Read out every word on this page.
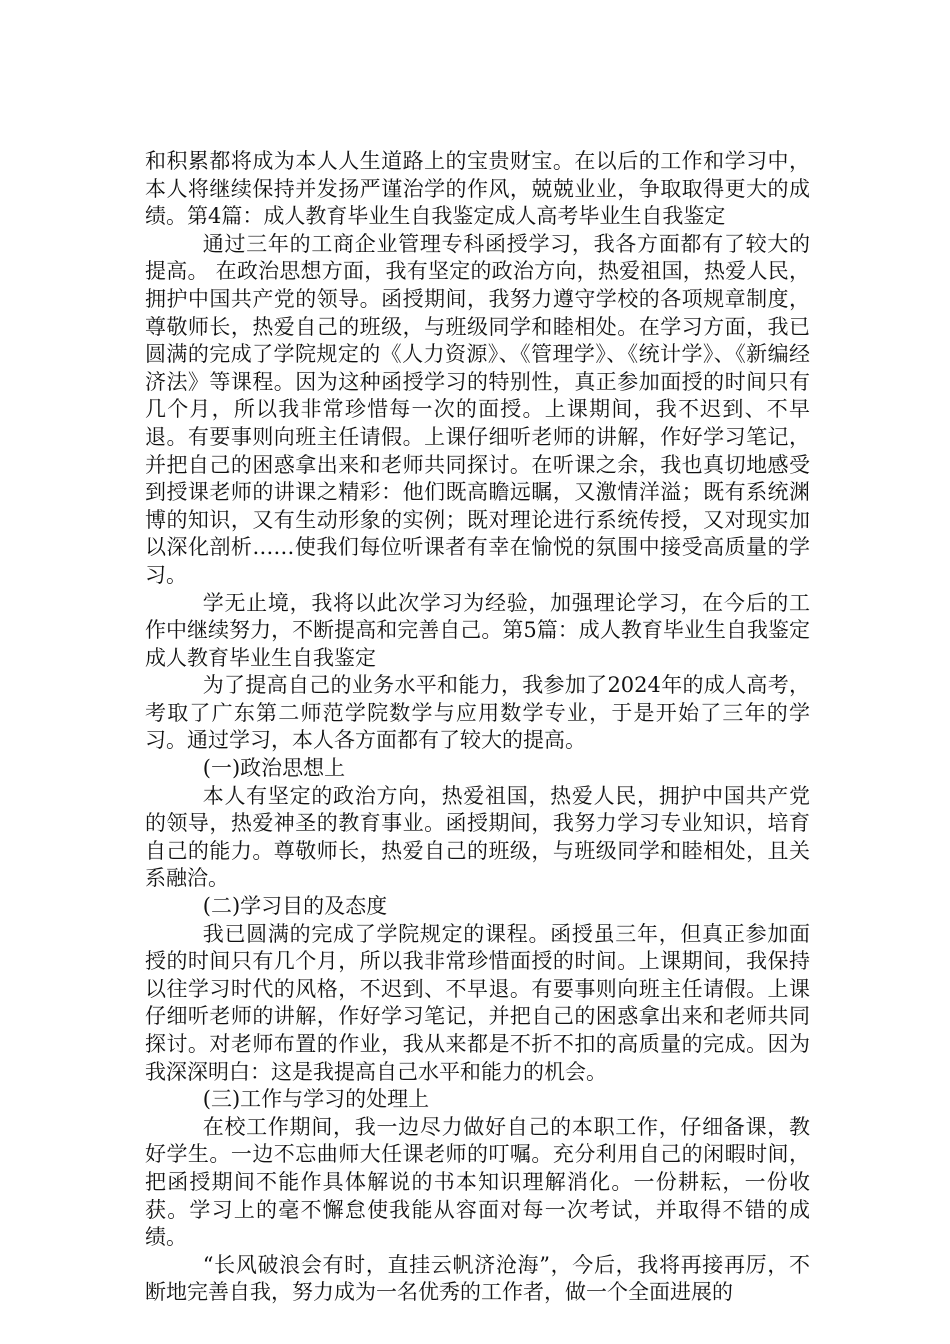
和积累都将成为本人人生道路上的宝贵财宝。在以后的工作和学习中，本人将继续保持并发扬严谨治学的作风，兢兢业业，争取取得更大的成绩。第4篇：成人教育毕业生自我鉴定成人高考毕业生自我鉴定

通过三年的工商企业管理专科函授学习，我各方面都有了较大的提高。 在政治思想方面，我有坚定的政治方向，热爱祖国，热爱人民，拥护中国共产党的领导。函授期间，我努力遵守学校的各项规章制度，尊敬师长，热爱自己的班级，与班级同学和睦相处。在学习方面，我已圆满的完成了学院规定的《人力资源》、《管理学》、《统计学》、《新编经济法》等课程。因为这种函授学习的特别性，真正参加面授的时间只有几个月，所以我非常珍惜每一次的面授。上课期间，我不迟到、不早退。有要事则向班主任请假。上课仔细听老师的讲解，作好学习笔记，并把自己的困惑拿出来和老师共同探讨。在听课之余，我也真切地感受到授课老师的讲课之精彩：他们既高瞻远瞩，又激情洋溢；既有系统渊博的知识，又有生动形象的实例；既对理论进行系统传授，又对现实加以深化剖析……使我们每位听课者有幸在愉悦的氛围中接受高质量的学习。

学无止境，我将以此次学习为经验，加强理论学习，在今后的工作中继续努力，不断提高和完善自己。第5篇：成人教育毕业生自我鉴定成人教育毕业生自我鉴定

为了提高自己的业务水平和能力，我参加了2024年的成人高考，考取了广东第二师范学院数学与应用数学专业，于是开始了三年的学习。通过学习，本人各方面都有了较大的提高。

(一)政治思想上

本人有坚定的政治方向，热爱祖国，热爱人民，拥护中国共产党的领导，热爱神圣的教育事业。函授期间，我努力学习专业知识，培育自己的能力。尊敬师长，热爱自己的班级，与班级同学和睦相处，且关系融洽。

(二)学习目的及态度

我已圆满的完成了学院规定的课程。函授虽三年，但真正参加面授的时间只有几个月，所以我非常珍惜面授的时间。上课期间，我保持以往学习时代的风格，不迟到、不早退。有要事则向班主任请假。上课仔细听老师的讲解，作好学习笔记，并把自己的困惑拿出来和老师共同探讨。对老师布置的作业，我从来都是不折不扣的高质量的完成。因为我深深明白：这是我提高自己水平和能力的机会。

(三)工作与学习的处理上

在校工作期间，我一边尽力做好自己的本职工作，仔细备课，教好学生。一边不忘曲师大任课老师的叮嘱。充分利用自己的闲暇时间，把函授期间不能作具体解说的书本知识理解消化。一份耕耘，一份收获。学习上的毫不懈怠使我能从容面对每一次考试，并取得不错的成绩。

“长风破浪会有时，直挂云帆济沧海”，今后，我将再接再厉，不断地完善自我，努力成为一名优秀的工作者，做一个全面进展的
